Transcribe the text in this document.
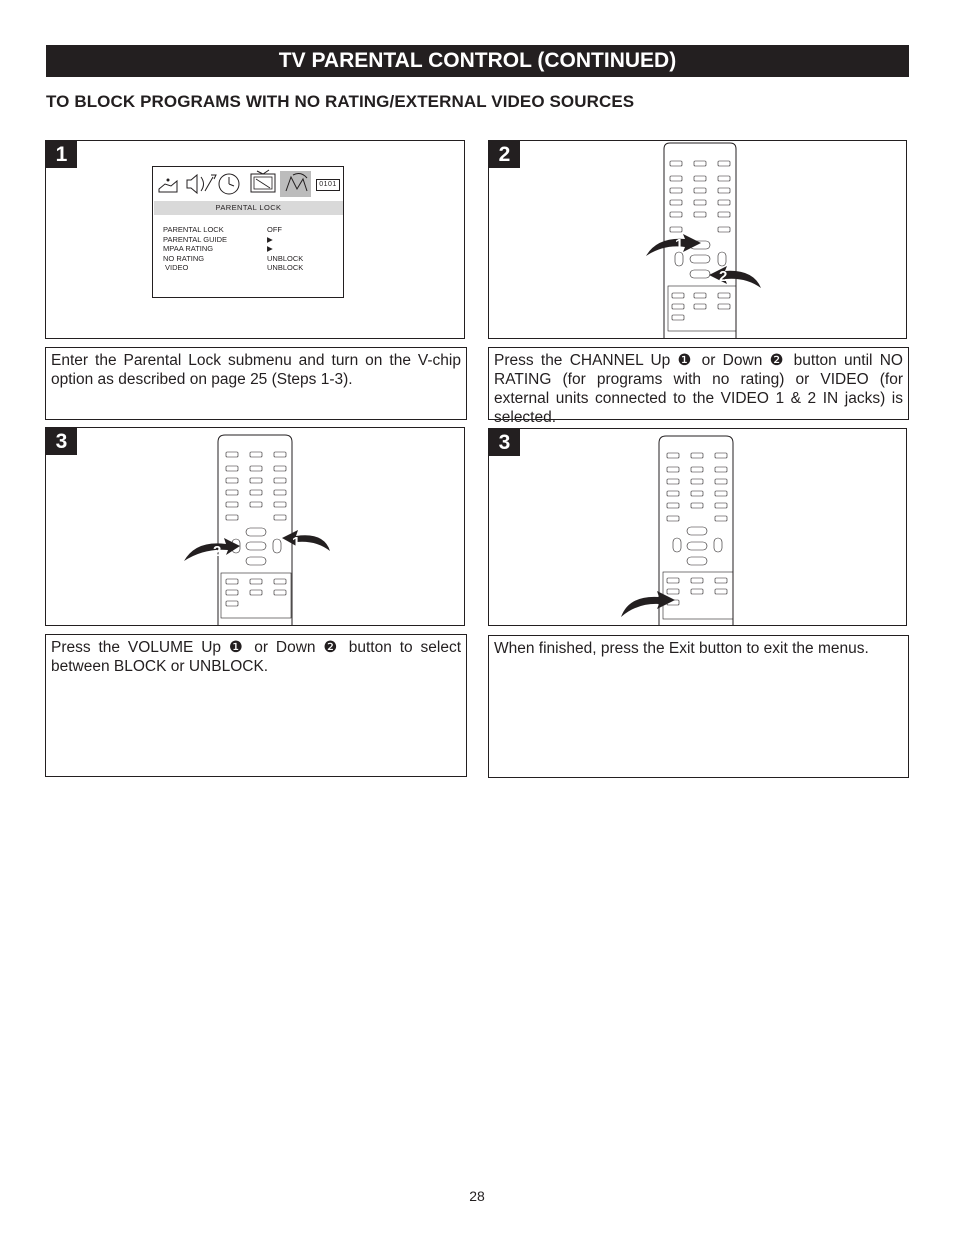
TV PARENTAL CONTROL (CONTINUED)
TO BLOCK PROGRAMS WITH NO RATING/EXTERNAL VIDEO SOURCES
1
0101
PARENTAL LOCK
PARENTAL LOCK	OFF
PARENTAL GUIDE	▶
MPAA RATING	▶
NO RATING	UNBLOCK
VIDEO	UNBLOCK
2
1
2
Enter the Parental Lock submenu and turn on the V-chip option as described on page 25 (Steps 1-3).
Press the CHANNEL Up ❶ or Down ❷ button until NO RATING (for programs with no rating) or VIDEO (for external units connected to the VIDEO 1 & 2 IN jacks) is selected.
3
2
1
3
Press the VOLUME Up ❶ or Down ❷ button to select between BLOCK or UNBLOCK.
When finished, press the Exit button to exit the menus.
28
